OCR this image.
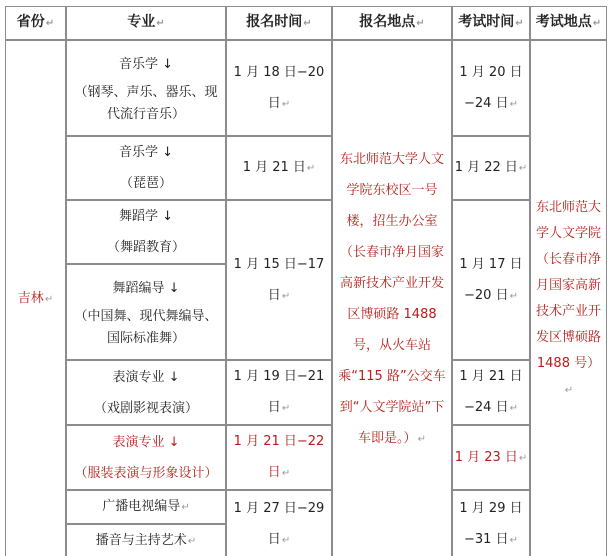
省份↵	专业↵	报名时间↵	报名地点↵	考试时间↵	考试地点↵
吉林↵	音乐学 ↓
（钢琴、声乐、器乐、现代流行音乐）	1 月 18 日−20 日↵	东北师范大学人文学院东校区一号楼，招生办公室（长春市净月国家高新技术产业开发区博硕路 1488 号，从火车站乘“115 路”公交车到“人文学院站”下车即是。）↵	1 月 20 日 −24 日↵	东北师范大学人文学院（长春市净月国家高新技术产业开发区博硕路 1488 号）↵

	音乐学 ↓
（琵琶）	1 月 21 日↵		1 月 22 日↵	

	舞蹈学 ↓
（舞蹈教育）	1 月 15 日−17 日↵		1 月 17 日−20 日↵	

	舞蹈编导 ↓
（中国舞、现代舞编导、国际标准舞）				

	表演专业 ↓
（戏剧影视表演）	1 月 19 日−21 日↵		1 月 21 日 −24 日↵	

	表演专业 ↓
（服装表演与形象设计）	1 月 21 日−22 日↵		1 月 23 日↵	
	广播电视编导↵	1 月 27 日−29 日↵		1 月 29 日−31 日↵	
	播音与主持艺术↵				
